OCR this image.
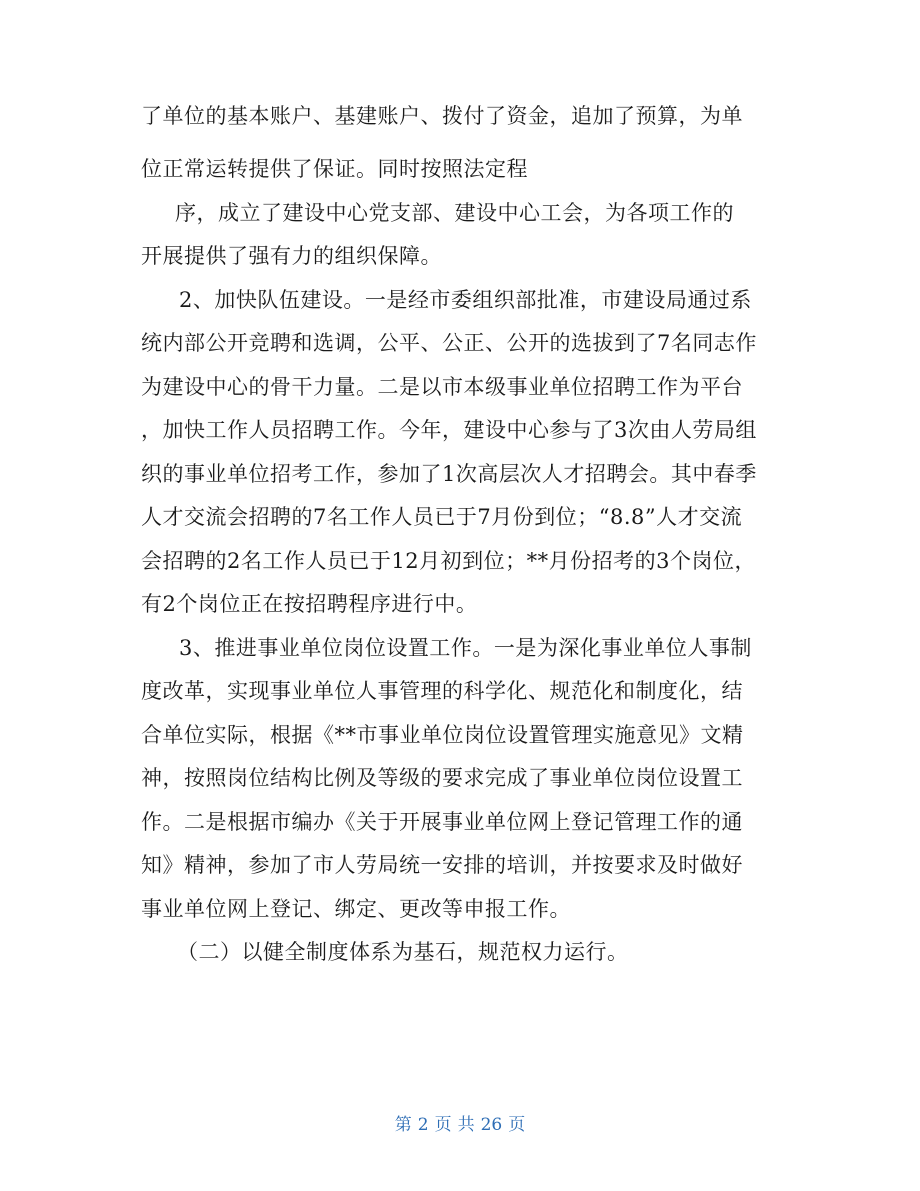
了单位的基本账户、基建账户、拨付了资金，追加了预算，为单
位正常运转提供了保证。同时按照法定程
序，成立了建设中心党支部、建设中心工会，为各项工作的
开展提供了强有力的组织保障。
2、加快队伍建设。一是经市委组织部批准，市建设局通过系
统内部公开竞聘和选调，公平、公正、公开的选拔到了7名同志作
为建设中心的骨干力量。二是以市本级事业单位招聘工作为平台
，加快工作人员招聘工作。今年，建设中心参与了3次由人劳局组
织的事业单位招考工作，参加了1次高层次人才招聘会。其中春季
人才交流会招聘的7名工作人员已于7月份到位；“8.8”人才交流
会招聘的2名工作人员已于12月初到位；**月份招考的3个岗位，
有2个岗位正在按招聘程序进行中。
3、推进事业单位岗位设置工作。一是为深化事业单位人事制
度改革，实现事业单位人事管理的科学化、规范化和制度化，结
合单位实际，根据《**市事业单位岗位设置管理实施意见》文精
神，按照岗位结构比例及等级的要求完成了事业单位岗位设置工
作。二是根据市编办《关于开展事业单位网上登记管理工作的通
知》精神，参加了市人劳局统一安排的培训，并按要求及时做好
事业单位网上登记、绑定、更改等申报工作。
（二）以健全制度体系为基石，规范权力运行。
第 2 页 共 26 页
